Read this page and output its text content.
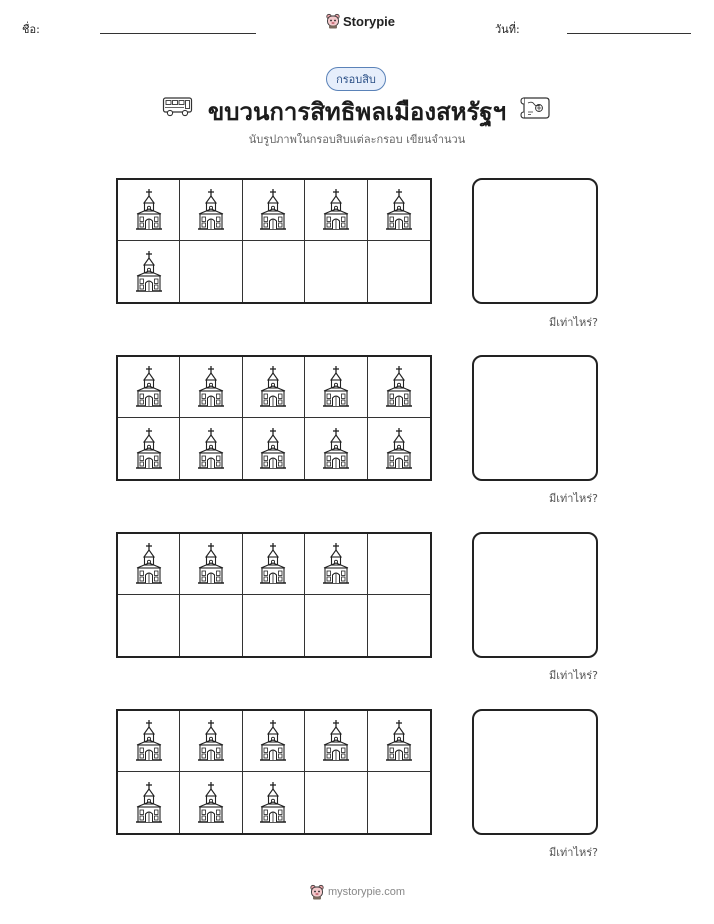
ชื่อ:
Storypie
วันที่:
กรอบสิบ
ขบวนการสิทธิพลเมืองสหรัฐฯ
นับรูปภาพในกรอบสิบแต่ละกรอบ เขียนจำนวน
มีเท่าไหร่?
มีเท่าไหร่?
มีเท่าไหร่?
มีเท่าไหร่?
mystorypie.com
